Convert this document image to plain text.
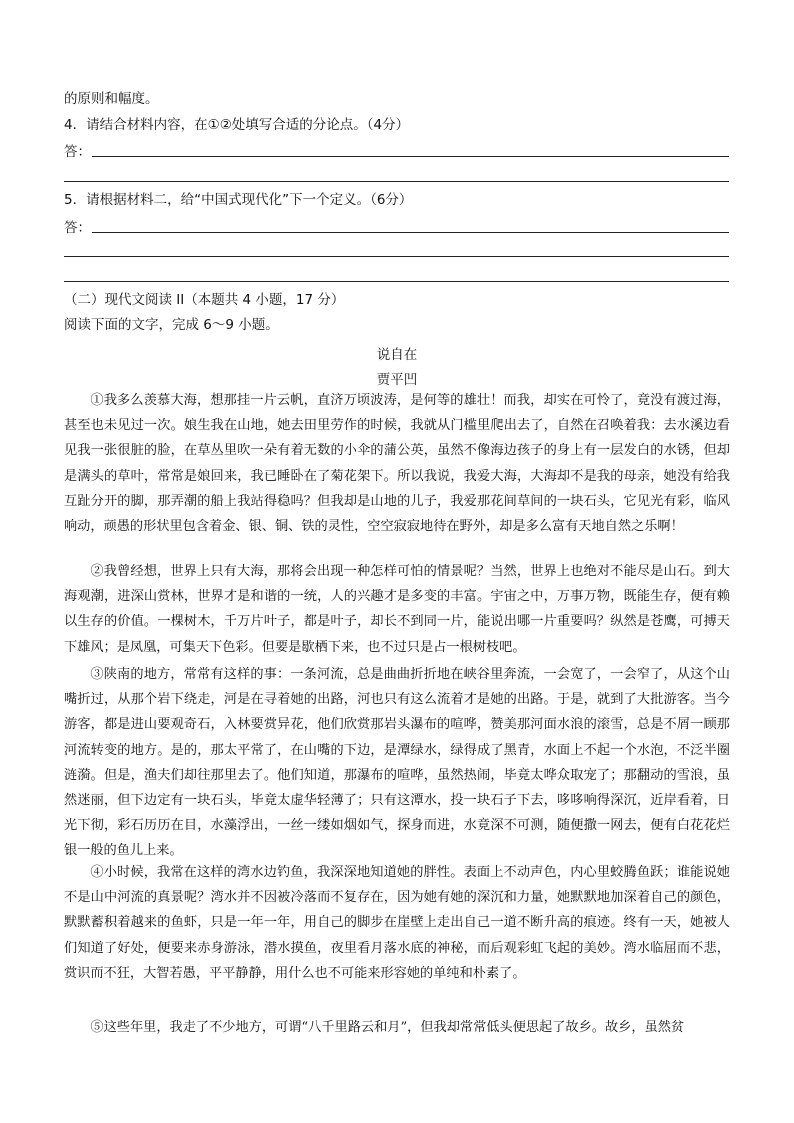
的原则和幅度。
4．请结合材料内容，在①②处填写合适的分论点。（4分）
答：
5．请根据材料二，给“中国式现代化”下一个定义。（6分）
答：
（二）现代文阅读 II（本题共 4 小题，17 分）
阅读下面的文字，完成 6～9 小题。
说自在
贾平凹

①我多么羡慕大海，想那挂一片云帆，直济万顷波涛，是何等的雄壮！而我，却实在可怜了，竟没有渡过海，甚至也未见过一次。娘生我在山地，她去田里劳作的时候，我就从门槛里爬出去了，自然在召唤着我：去水溪边看见我一张很脏的脸，在草丛里吹一朵有着无数的小伞的蒲公英，虽然不像海边孩子的身上有一层发白的水锈，但却是满头的草叶，常常是娘回来，我已睡卧在了菊花架下。所以我说，我爱大海，大海却不是我的母亲，她没有给我互趾分开的脚，那弄潮的船上我站得稳吗？但我却是山地的儿子，我爱那花间草间的一块石头，它见光有彩，临风响动，顽愚的形状里包含着金、银、铜、铁的灵性，空空寂寂地待在野外，却是多么富有天地自然之乐啊！

②我曾经想，世界上只有大海，那将会出现一种怎样可怕的情景呢？当然，世界上也绝对不能尽是山石。到大海观潮，进深山赏林，世界才是和谐的一统，人的兴趣才是多变的丰富。宇宙之中，万事万物，既能生存，便有赖以生存的价值。一棵树木，千万片叶子，都是叶子，却长不到同一片，能说出哪一片重要吗？纵然是苍鹰，可搏天下雄风；是凤凰，可集天下色彩。但要是歇栖下来，也不过只是占一根树枝吧。

③陕南的地方，常常有这样的事：一条河流，总是曲曲折折地在峡谷里奔流，一会宽了，一会窄了，从这个山嘴折过，从那个岩下绕走，河是在寻着她的出路，河也只有这么流着才是她的出路。于是，就到了大批游客。当今游客，都是进山要观奇石，入林要赏异花，他们欣赏那岩头瀑布的喧哗，赞美那河面水浪的滚雪，总是不屑一顾那河流转变的地方。是的，那太平常了，在山嘴的下边，是潭绿水，绿得成了黑青，水面上不起一个水泡，不泛半圈涟漪。但是，渔夫们却往那里去了。他们知道，那瀑布的喧哗，虽然热闹，毕竟太哗众取宠了；那翻动的雪浪，虽然迷丽，但下边定有一块石头，毕竟太虚华轻薄了；只有这潭水，投一块石子下去，哆哆响得深沉，近岸看着，日光下彻，彩石历历在目，水藻浮出，一丝一缕如烟如气，探身而进，水竟深不可测，随便撒一网去，便有白花花烂银一般的鱼儿上来。

④小时候，我常在这样的湾水边钓鱼，我深深地知道她的胖性。表面上不动声色，内心里蛟腾鱼跃；谁能说她不是山中河流的真景呢？湾水并不因被冷落而不复存在，因为她有她的深沉和力量，她默默地加深着自己的颜色，默默蓄积着越来的鱼虾，只是一年一年，用自己的脚步在崖壁上走出自己一道不断升高的痕迹。终有一天，她被人们知道了好处，便要来赤身游泳，潜水摸鱼，夜里看月落水底的神秘，而后观彩虹飞起的美妙。湾水临屈而不悲，赏识而不狂，大智若愚，平平静静，用什么也不可能来形容她的单纯和朴素了。

⑤这些年里，我走了不少地方，可谓“八千里路云和月”，但我却常常低头便思起了故乡。故乡，虽然贫
